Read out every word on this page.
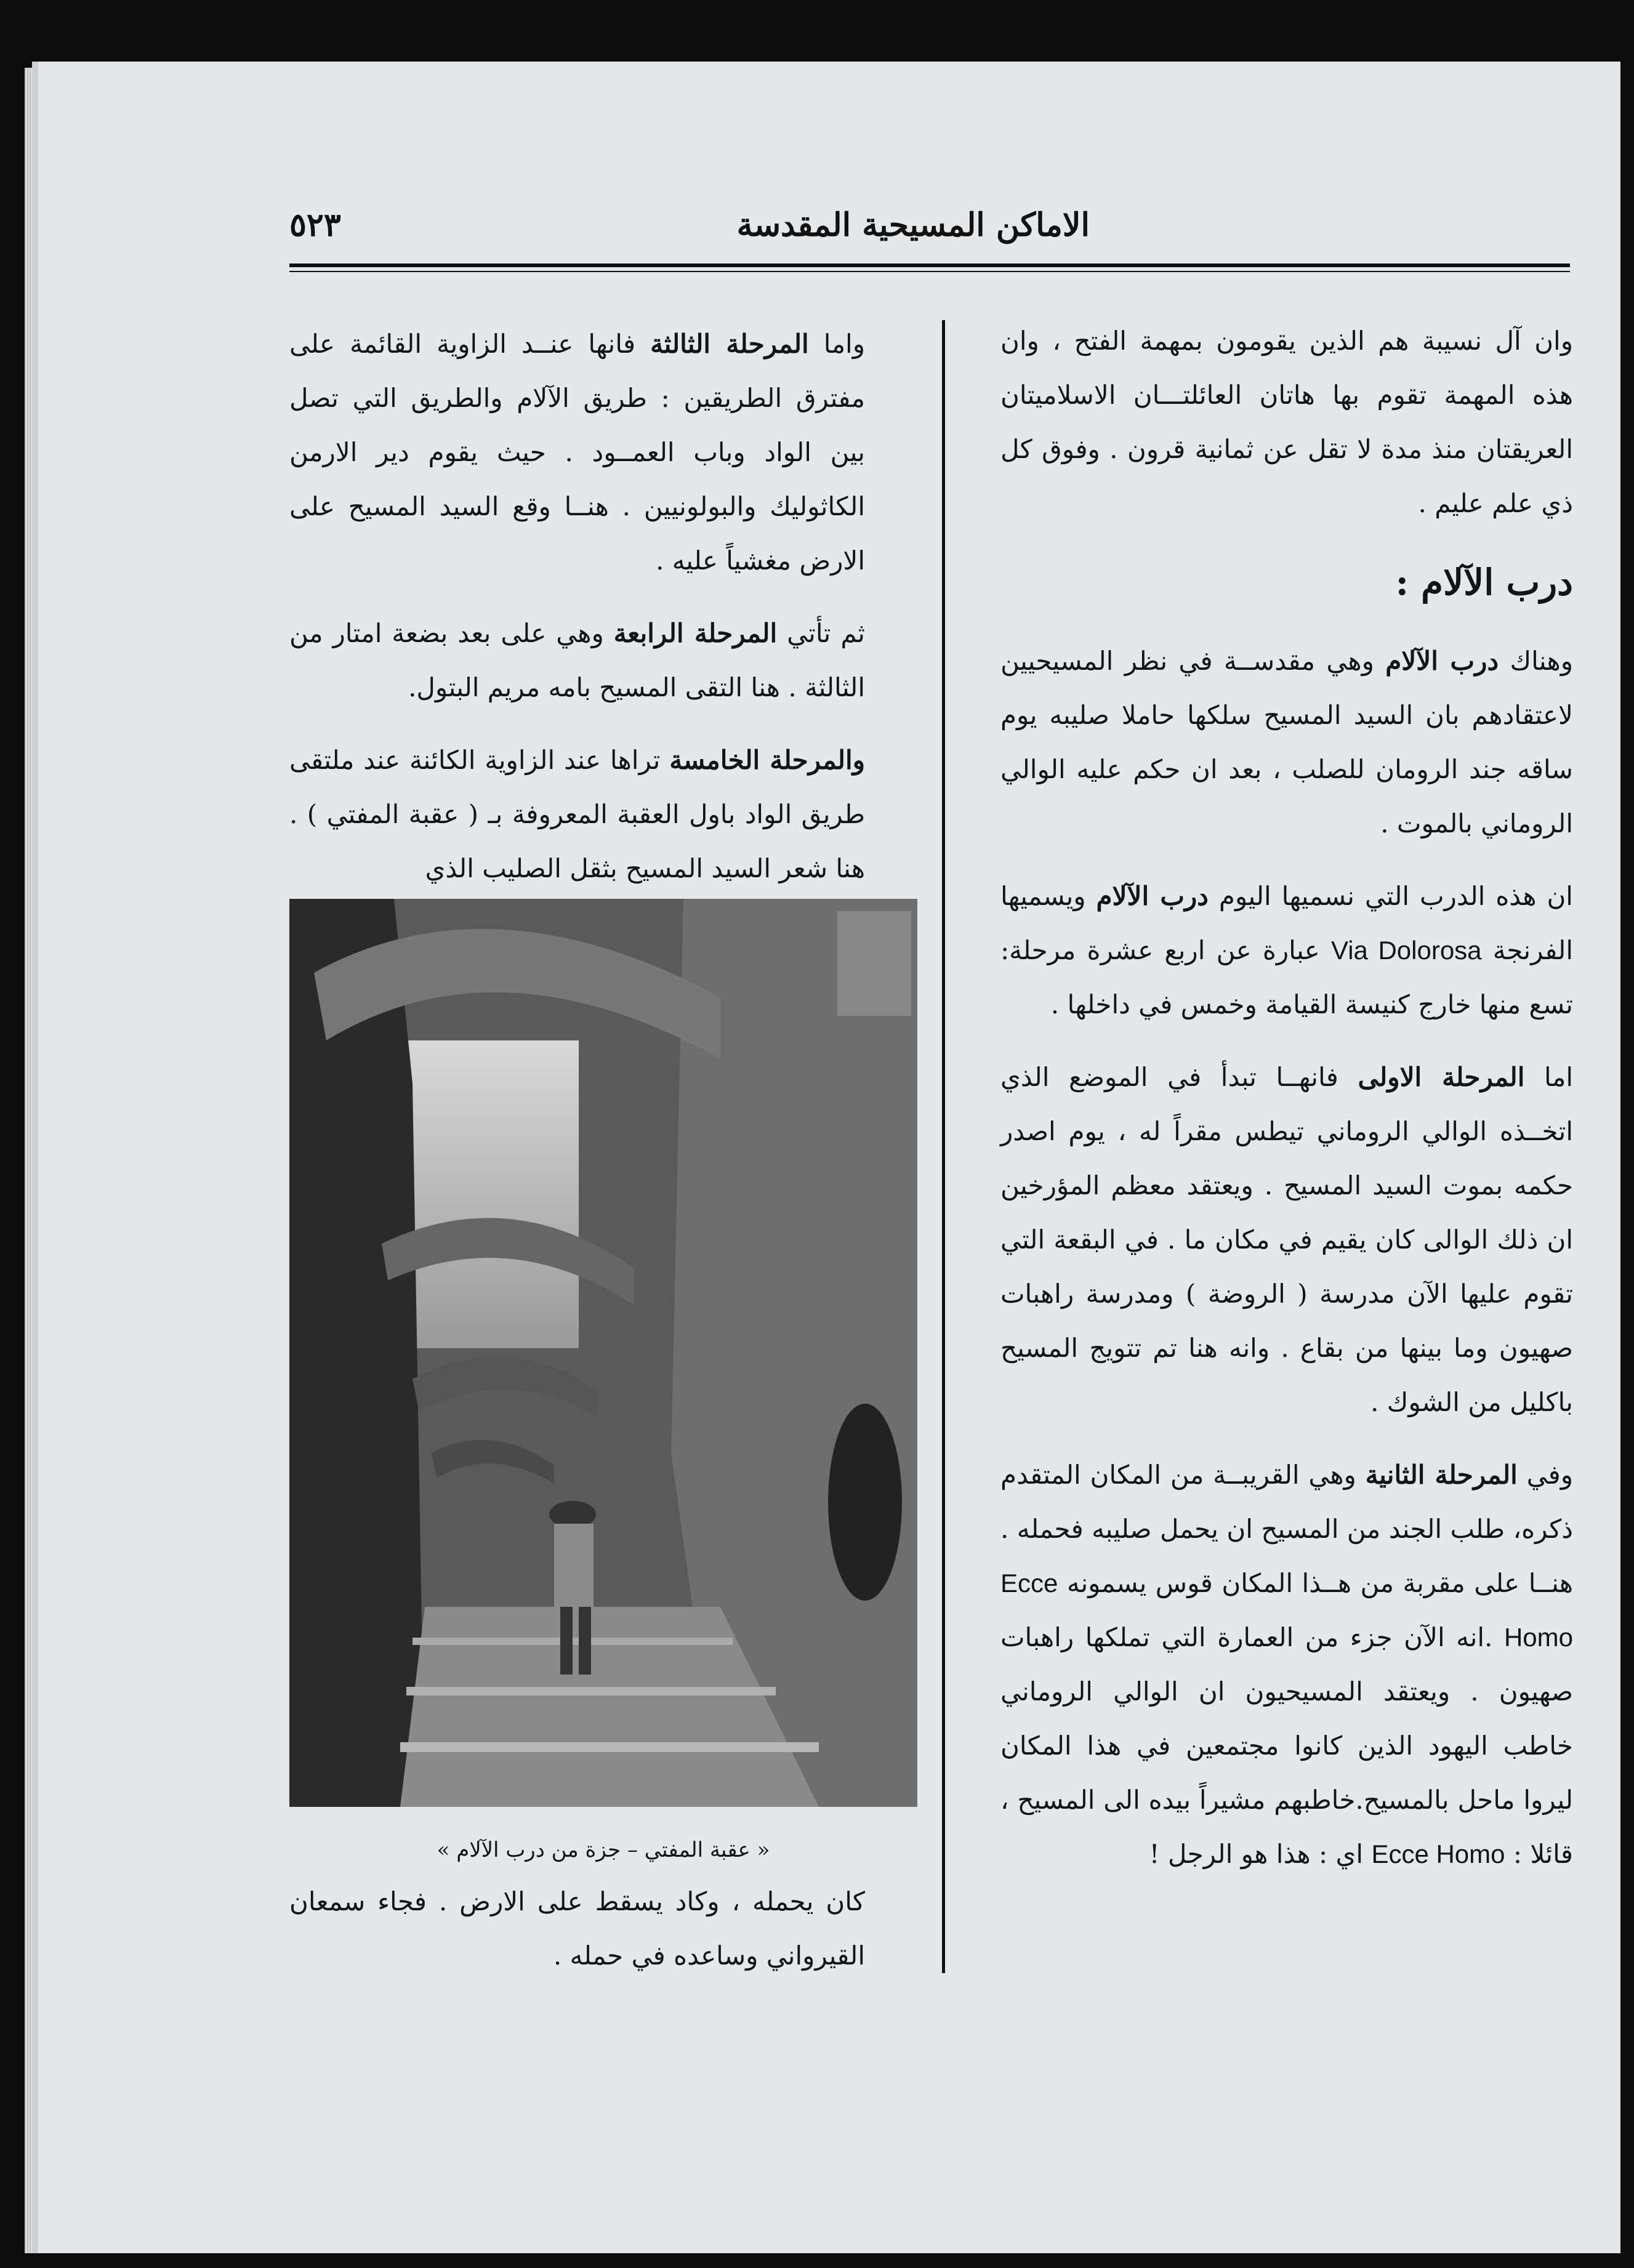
الاماكن المسيحية المقدسة
٥٢٣

وان آل نسيبة هم الذين يقومون بمهمة الفتح ، وان هذه المهمة تقوم بها هاتان العائلتـــان الاسلاميتان العريقتان منذ مدة لا تقل عن ثمانية قرون . وفوق كل ذي علم عليم .

درب الآلام :

وهناك درب الآلام وهي مقدســة في نظر المسيحيين لاعتقادهم بان السيد المسيح سلكها حاملا صليبه يوم ساقه جند الرومان للصلب ، بعد ان حكم عليه الوالي الروماني بالموت .

ان هذه الدرب التي نسميها اليوم درب الآلام ويسميها الفرنجة Via Dolorosa عبارة عن اربع عشرة مرحلة: تسع منها خارج كنيسة القيامة وخمس في داخلها .

اما المرحلة الاولى فانهــا تبدأ في الموضع الذي اتخــذه الوالي الروماني تيطس مقراً له ، يوم اصدر حكمه بموت السيد المسيح . ويعتقد معظم المؤرخين ان ذلك الوالى كان يقيم في مكان ما . في البقعة التي تقوم عليها الآن مدرسة ( الروضة ) ومدرسة راهبات صهيون وما بينها من بقاع . وانه هنا تم تتويج المسيح باكليل من الشوك .

وفي المرحلة الثانية وهي القريبــة من المكان المتقدم ذكره، طلب الجند من المسيح ان يحمل صليبه فحمله . هنــا على مقربة من هــذا المكان قوس يسمونه Ecce Homo .انه الآن جزء من العمارة التي تملكها راهبات صهيون . ويعتقد المسيحيون ان الوالي الروماني خاطب اليهود الذين كانوا مجتمعين في هذا المكان ليروا ماحل بالمسيح.خاطبهم مشيراً بيده الى المسيح ، قائلا : Ecce Homo اي : هذا هو الرجل !

واما المرحلة الثالثة فانها عنــد الزاوية القائمة على مفترق الطريقين : طريق الآلام والطريق التي تصل بين الواد وباب العمــود . حيث يقوم دير الارمن الكاثوليك والبولونيين . هنــا وقع السيد المسيح على الارض مغشياً عليه .

ثم تأتي المرحلة الرابعة وهي على بعد بضعة امتار من الثالثة . هنا التقى المسيح بامه مريم البتول.

والمرحلة الخامسة تراها عند الزاوية الكائنة عند ملتقى طريق الواد باول العقبة المعروفة بـ ( عقبة المفتي ) . هنا شعر السيد المسيح بثقل الصليب الذي

« عقبة المفتي – جزة من درب الآلام »

كان يحمله ، وكاد يسقط على الارض . فجاء سمعان القيرواني وساعده في حمله .
